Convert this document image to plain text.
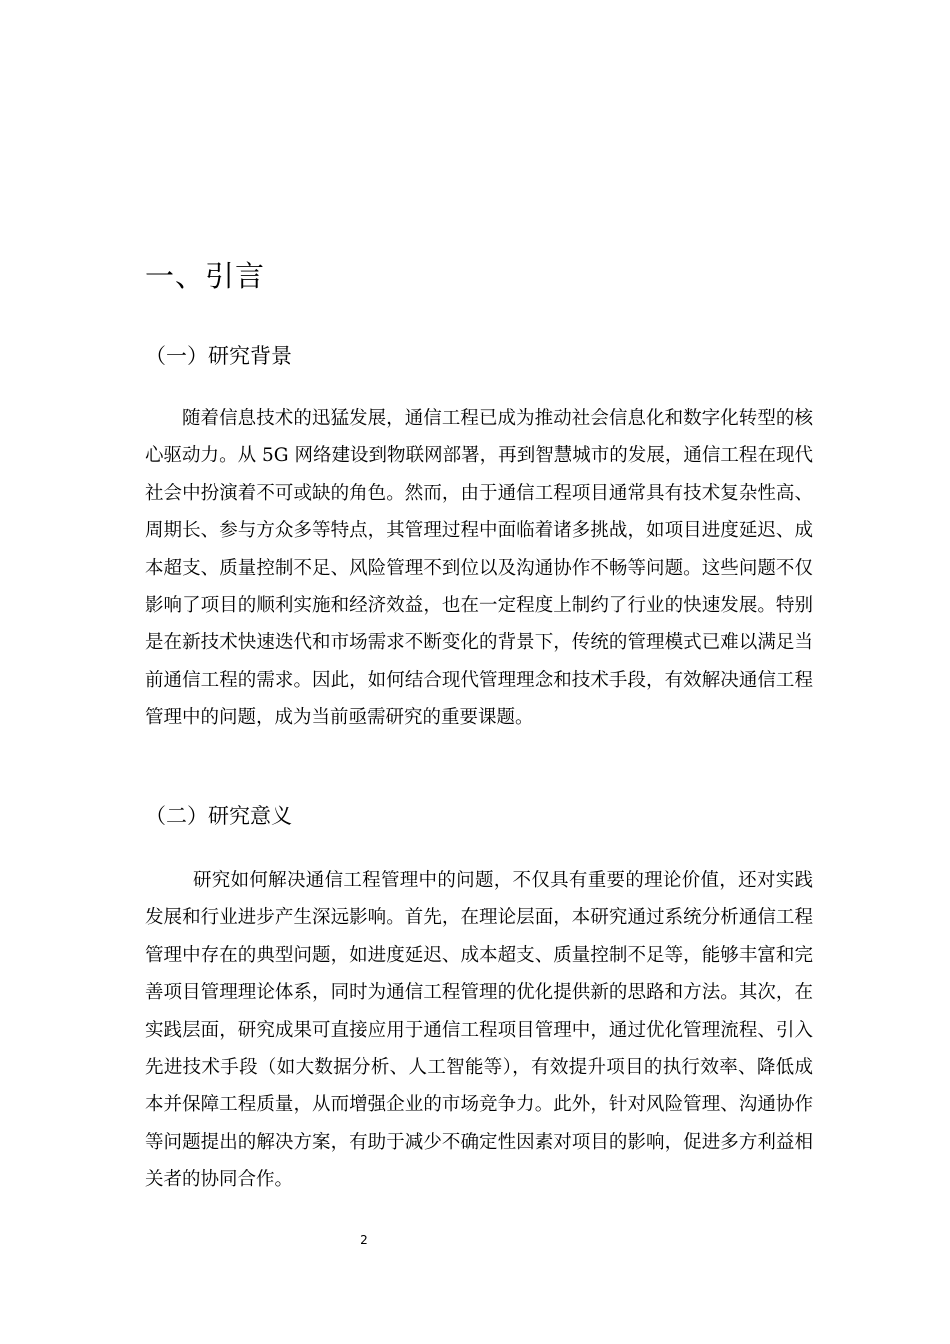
一、引言
（一）研究背景

随着信息技术的迅猛发展，通信工程已成为推动社会信息化和数字化转型的核心驱动力。从 5G 网络建设到物联网部署，再到智慧城市的发展，通信工程在现代社会中扮演着不可或缺的角色。然而，由于通信工程项目通常具有技术复杂性高、周期长、参与方众多等特点，其管理过程中面临着诸多挑战，如项目进度延迟、成本超支、质量控制不足、风险管理不到位以及沟通协作不畅等问题。这些问题不仅影响了项目的顺利实施和经济效益，也在一定程度上制约了行业的快速发展。特别是在新技术快速迭代和市场需求不断变化的背景下，传统的管理模式已难以满足当前通信工程的需求。因此，如何结合现代管理理念和技术手段，有效解决通信工程管理中的问题，成为当前亟需研究的重要课题。

（二）研究意义

研究如何解决通信工程管理中的问题，不仅具有重要的理论价值，还对实践发展和行业进步产生深远影响。首先，在理论层面，本研究通过系统分析通信工程管理中存在的典型问题，如进度延迟、成本超支、质量控制不足等，能够丰富和完善项目管理理论体系，同时为通信工程管理的优化提供新的思路和方法。其次，在实践层面，研究成果可直接应用于通信工程项目管理中，通过优化管理流程、引入先进技术手段（如大数据分析、人工智能等），有效提升项目的执行效率、降低成本并保障工程质量，从而增强企业的市场竞争力。此外，针对风险管理、沟通协作等问题提出的解决方案，有助于减少不确定性因素对项目的影响，促进多方利益相关者的协同合作。

2
